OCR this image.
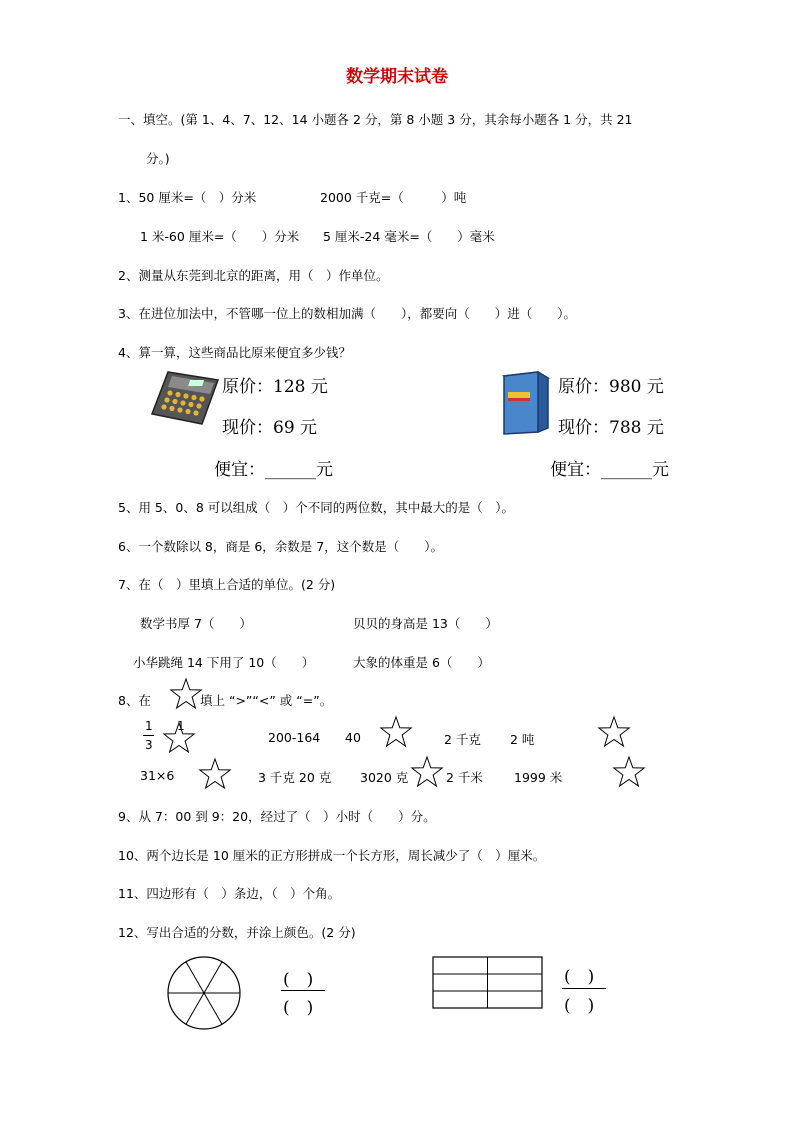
数学期末试卷
一、填空。(第 1、4、7、12、14 小题各 2 分，第 8 小题 3 分，其余每小题各 1 分，共 21
分。)
1、50 厘米=（　）分米	2000 千克=（　　　）吨
1 米-60 厘米=（　　）分米 5 厘米-24 毫米=（　　）毫米
2、测量从东莞到北京的距离，用（　）作单位。
3、在进位加法中，不管哪一位上的数相加满（　　），都要向（　　）进（　　）。
4、算一算，这些商品比原来便宜多少钱？
原价：128 元
现价：69 元
便宜：______元
原价：980 元
现价：788 元
便宜：______元
5、用 5、0、8 可以组成（　）个不同的两位数，其中最大的是（　）。
6、一个数除以 8，商是 6，余数是 7，这个数是（　　）。
7、在（　）里填上合适的单位。(2 分)
数学书厚 7（　　）	贝贝的身高是 13（　　）
小华跳绳 14 下用了 10（　　）	大象的体重是 6（　　）
8、在	填上 “>”“<” 或 “=”。
1
3
1
200-164 40	2 千克 2 吨
31×6	3 千克 20 克 3020 克	2 千米 1999 米
9、从 7：00 到 9：20，经过了（　）小时（　　）分。
10、两个边长是 10 厘米的正方形拼成一个长方形，周长减少了（　）厘米。
11、四边形有（　）条边，（　）个角。
12、写出合适的分数，并涂上颜色。(2 分)
(　)
(　)
(　)
(　)
